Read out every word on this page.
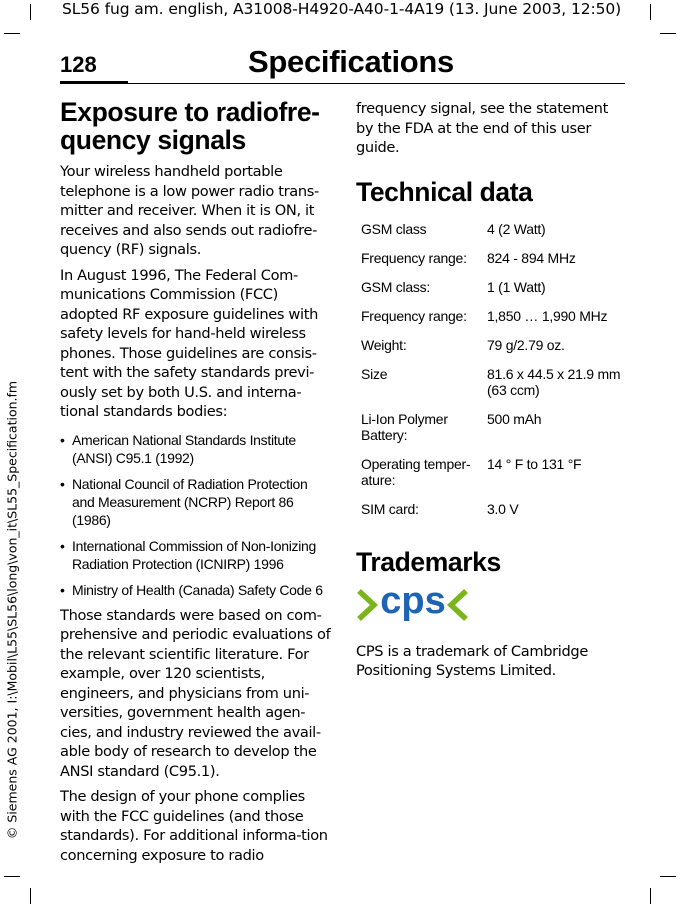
SL56 fug am. english, A31008-H4920-A40-1-4A19 (13. June 2003, 12:50)
128	Specifications
© Siemens AG 2001, I:\Mobil\L55\SL56\long\von_it\SL55_Specification.fm
Exposure to radiofre-quency signals

Your wireless handheld portable telephone is a low power radio trans-mitter and receiver. When it is ON, it receives and also sends out radiofre-quency (RF) signals.

In August 1996, The Federal Com-munications Commission (FCC) adopted RF exposure guidelines with safety levels for hand-held wireless phones. Those guidelines are consis-tent with the safety standards previ-ously set by both U.S. and interna-tional standards bodies:

• American National Standards Institute (ANSI) C95.1 (1992)
• National Council of Radiation Protection and Measurement (NCRP) Report 86 (1986)
• International Commission of Non-Ionizing Radiation Protection (ICNIRP) 1996
• Ministry of Health (Canada) Safety Code 6

Those standards were based on com-prehensive and periodic evaluations of the relevant scientific literature. For example, over 120 scientists, engineers, and physicians from uni-versities, government health agen-cies, and industry reviewed the avail-able body of research to develop the ANSI standard (C95.1).

The design of your phone complies with the FCC guidelines (and those standards). For additional informa-tion concerning exposure to radio

frequency signal, see the statement by the FDA at the end of this user guide.

Technical data
GSM class	4 (2 Watt)
Frequency range:	824 - 894 MHz
GSM class:	1 (1 Watt)
Frequency range:	1,850 … 1,990 MHz
Weight:	79 g/2.79 oz.
Size	81.6 x 44.5 x 21.9 mm (63 ccm)
Li-Ion Polymer Battery:	500 mAh
Operating temper-ature:	14 ° F to 131 °F
SIM card:	3.0 V
Trademarks
cps

CPS is a trademark of Cambridge Positioning Systems Limited.
